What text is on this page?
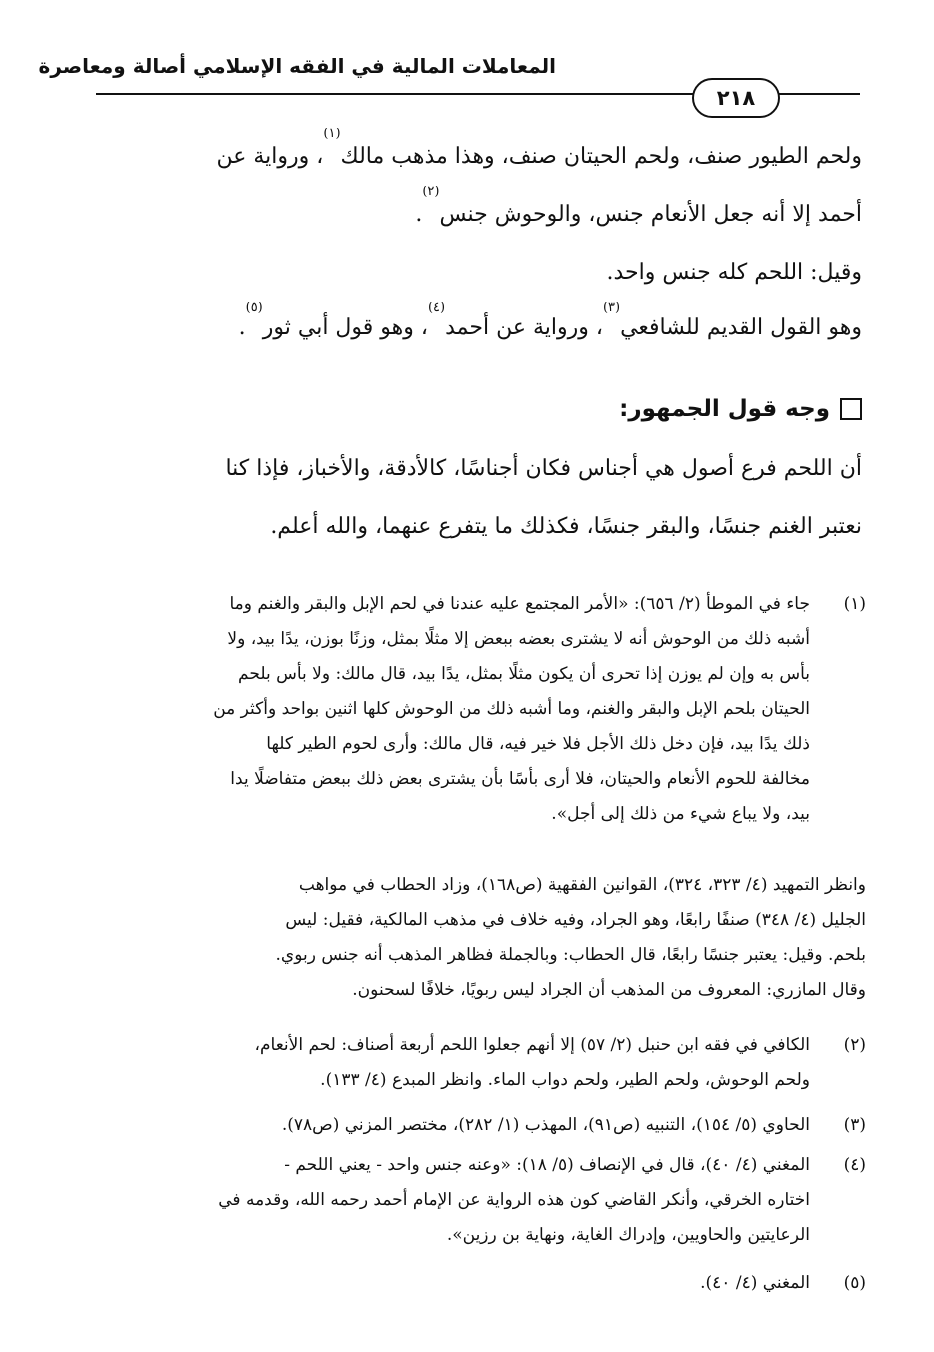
المعاملات المالية في الفقه الإسلامي أصالة ومعاصرة
٢١٨
ولحم الطيور صنف، ولحم الحيتان صنف، وهذا مذهب مالك$^{(١)}$، ورواية عن
أحمد إلا أنه جعل الأنعام جنس، والوحوش جنس$^{(٢)}$.
وقيل: اللحم كله جنس واحد.
وهو القول القديم للشافعي$^{(٣)}$، ورواية عن أحمد$^{(٤)}$، وهو قول أبي ثور$^{(٥)}$.
وجه قول الجمهور:
أن اللحم فرع أصول هي أجناس فكان أجناسًا، كالأدقة، والأخباز، فإذا كنا
نعتبر الغنم جنسًا، والبقر جنسًا، فكذلك ما يتفرع عنهما، والله أعلم.
(١)
جاء في الموطأ (٢/ ٦٥٦): «الأمر المجتمع عليه عندنا في لحم الإبل والبقر والغنم وما
أشبه ذلك من الوحوش أنه لا يشترى بعضه ببعض إلا مثلًا بمثل، وزنًا بوزن، يدًا بيد، ولا
بأس به وإن لم يوزن إذا تحرى أن يكون مثلًا بمثل، يدًا بيد، قال مالك: ولا بأس بلحم
الحيتان بلحم الإبل والبقر والغنم، وما أشبه ذلك من الوحوش كلها اثنين بواحد وأكثر من
ذلك يدًا بيد، فإن دخل ذلك الأجل فلا خير فيه، قال مالك: وأرى لحوم الطير كلها
مخالفة للحوم الأنعام والحيتان، فلا أرى بأسًا بأن يشترى بعض ذلك ببعض متفاضلًا يدا
بيد، ولا يباع شيء من ذلك إلى أجل».
وانظر التمهيد (٤/ ٣٢٣، ٣٢٤)، القوانين الفقهية (ص١٦٨)، وزاد الحطاب في مواهب
الجليل (٤/ ٣٤٨) صنفًا رابعًا، وهو الجراد، وفيه خلاف في مذهب المالكية، فقيل: ليس
بلحم. وقيل: يعتبر جنسًا رابعًا، قال الحطاب: وبالجملة فظاهر المذهب أنه جنس ربوي.
وقال المازري: المعروف من المذهب أن الجراد ليس ربويًا، خلافًا لسحنون.
(٢)
الكافي في فقه ابن حنبل (٢/ ٥٧) إلا أنهم جعلوا اللحم أربعة أصناف: لحم الأنعام،
ولحم الوحوش، ولحم الطير، ولحم دواب الماء. وانظر المبدع (٤/ ١٣٣).
(٣)
الحاوي (٥/ ١٥٤)، التنبيه (ص٩١)، المهذب (١/ ٢٨٢)، مختصر المزني (ص٧٨).
(٤)
المغني (٤/ ٤٠)، قال في الإنصاف (٥/ ١٨): «وعنه جنس واحد - يعني اللحم -
اختاره الخرقي، وأنكر القاضي كون هذه الرواية عن الإمام أحمد رحمه الله، وقدمه في
الرعايتين والحاويين، وإدراك الغاية، ونهاية بن رزين».
(٥)
المغني (٤/ ٤٠).
